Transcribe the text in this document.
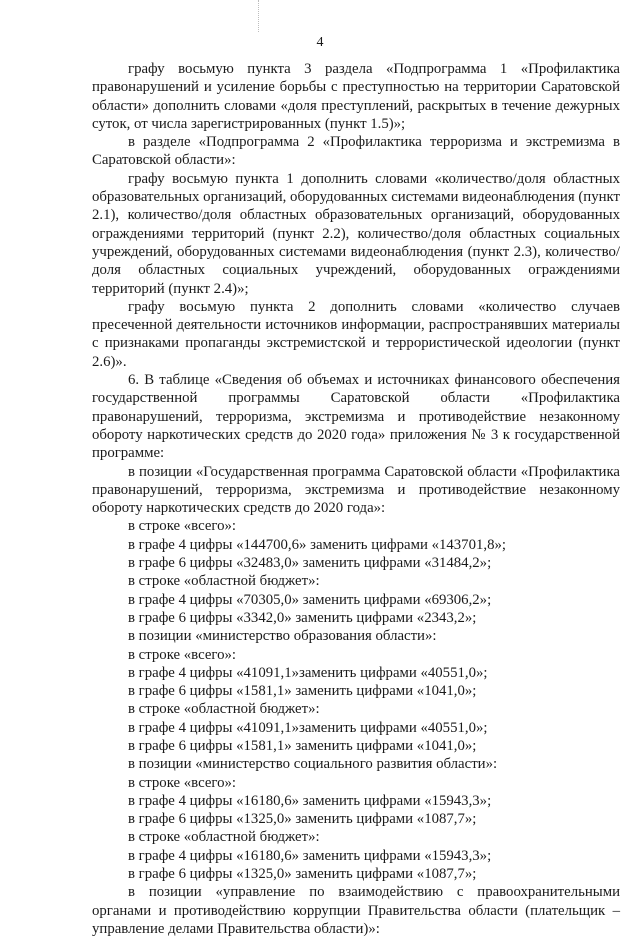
4

графу восьмую пункта 3 раздела «Подпрограмма 1 «Профилактика правонарушений и усиление борьбы с преступностью на территории Саратовской области» дополнить словами «доля преступлений, раскрытых в течение дежурных суток, от числа зарегистрированных (пункт 1.5)»;

в разделе «Подпрограмма 2 «Профилактика терроризма и экстремизма в Саратовской области»:

графу восьмую пункта 1 дополнить словами «количество/доля областных образовательных организаций, оборудованных системами видеонаблюдения (пункт 2.1), количество/доля областных образовательных организаций, оборудованных ограждениями территорий (пункт 2.2), количество/доля областных социальных учреждений, оборудованных системами видеонаблюдения (пункт 2.3), количество/доля областных социальных учреждений, оборудованных ограждениями территорий (пункт 2.4)»;

графу восьмую пункта 2 дополнить словами «количество случаев пресеченной деятельности источников информации, распространявших материалы с признаками пропаганды экстремистской и террористической идеологии (пункт 2.6)».

6. В таблице «Сведения об объемах и источниках финансового обеспечения государственной программы Саратовской области «Профилактика правонарушений, терроризма, экстремизма и противодействие незаконному обороту наркотических средств до 2020 года» приложения № 3 к государственной программе:

в позиции «Государственная программа Саратовской области «Профилактика правонарушений, терроризма, экстремизма и противодействие незаконному обороту наркотических средств до 2020 года»:

в строке «всего»:

в графе 4 цифры «144700,6» заменить цифрами «143701,8»;

в графе 6 цифры «32483,0» заменить цифрами «31484,2»;

в строке «областной бюджет»:

в графе 4 цифры «70305,0» заменить цифрами «69306,2»;

в графе 6 цифры «3342,0» заменить цифрами «2343,2»;

в позиции «министерство образования области»:

в строке «всего»:

в графе 4 цифры «41091,1»заменить цифрами «40551,0»;

в графе 6 цифры «1581,1» заменить цифрами «1041,0»;

в строке «областной бюджет»:

в графе 4 цифры «41091,1»заменить цифрами «40551,0»;

в графе 6 цифры «1581,1» заменить цифрами «1041,0»;

в позиции «министерство социального развития области»:

в строке «всего»:

в графе 4 цифры «16180,6» заменить цифрами «15943,3»;

в графе 6 цифры «1325,0» заменить цифрами «1087,7»;

в строке «областной бюджет»:

в графе 4 цифры «16180,6» заменить цифрами «15943,3»;

в графе 6 цифры «1325,0» заменить цифрами «1087,7»;

в позиции «управление по взаимодействию с правоохранительными органами и противодействию коррупции Правительства области (плательщик – управление делами Правительства области)»:
